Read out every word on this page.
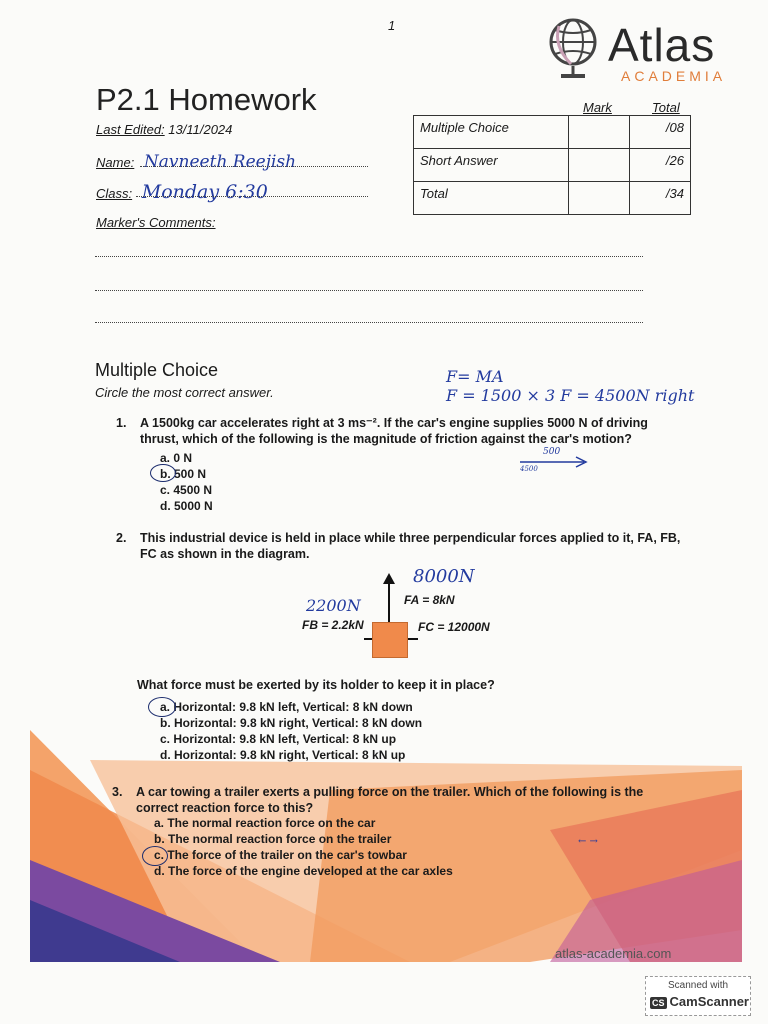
1	Atlas
ACADEMIA
P2.1 Homework
Last Edited: 13/11/2024
Name: Navneeth Reejish
Class: Monday 6:30
Mark	Total
Multiple Choice		/08
Short Answer		/26
Total		/34
Marker's Comments:
Multiple Choice
Circle the most correct answer.
F= MA
F = 1500 × 3 F = 4500N right
1.	A 1500kg car accelerates right at 3 ms⁻². If the car's engine supplies 5000 N of driving thrust, which of the following is the magnitude of friction against the car's motion?
a. 0 N
b. 500 N
c. 4500 N
d. 5000 N
500
4500
2.	This industrial device is held in place while three perpendicular forces applied to it, FA, FB, FC as shown in the diagram.
FA = 8kN
FB = 2.2kN	FC = 12000N
8000N
2200N
What force must be exerted by its holder to keep it in place?
a. Horizontal: 9.8 kN left, Vertical: 8 kN down
b. Horizontal: 9.8 kN right, Vertical: 8 kN down
c. Horizontal: 9.8 kN left, Vertical: 8 kN up
d. Horizontal: 9.8 kN right, Vertical: 8 kN up
3.	A car towing a trailer exerts a pulling force on the trailer. Which of the following is the correct reaction force to this?
a. The normal reaction force on the car
b. The normal reaction force on the trailer
c. The force of the trailer on the car's towbar
d. The force of the engine developed at the car axles
← →
atlas-academia.com
Scanned with
CS CamScanner
